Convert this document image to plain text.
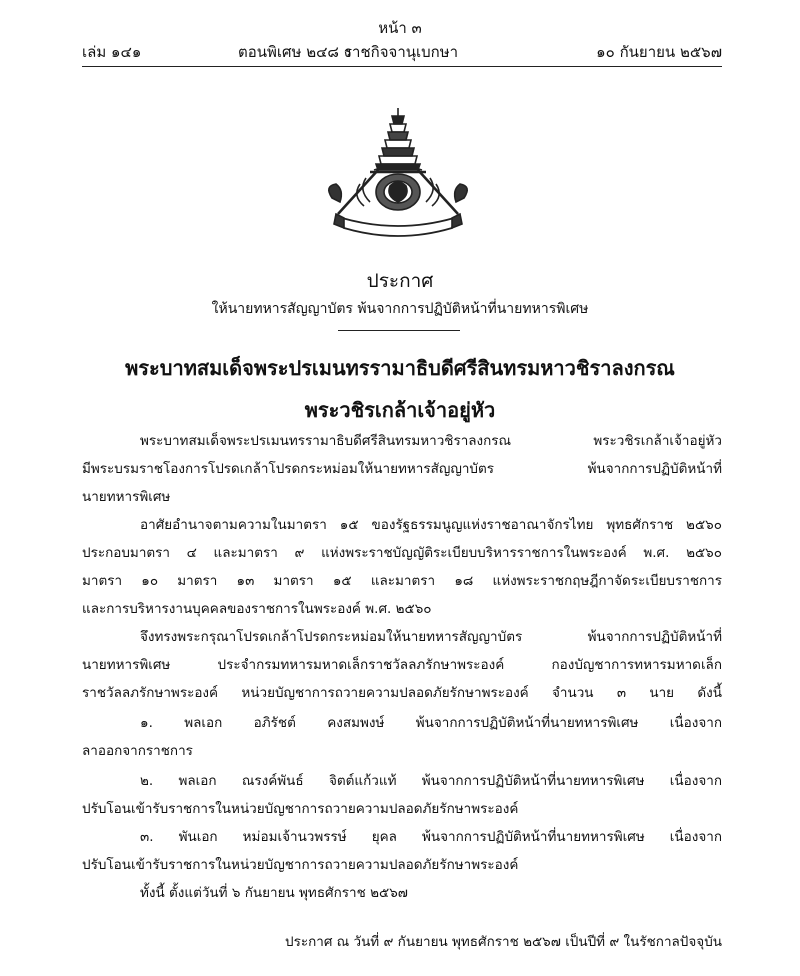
หน้า ๓
เล่ม ๑๔๑	ตอนพิเศษ ๒๔๘ ง
ราชกิจจานุเบกษา	๑๐ กันยายน ๒๕๖๗
ประกาศ
ให้นายทหารสัญญาบัตร พ้นจากการปฏิบัติหน้าที่นายทหารพิเศษ
พระบาทสมเด็จพระปรเมนทรรามาธิบดีศรีสินทรมหาวชิราลงกรณ
พระวชิรเกล้าเจ้าอยู่หัว
พระบาทสมเด็จพระปรเมนทรรามาธิบดีศรีสินทรมหาวชิราลงกรณ พระวชิรเกล้าเจ้าอยู่หัว
มีพระบรมราชโองการโปรดเกล้าโปรดกระหม่อมให้นายทหารสัญญาบัตร พ้นจากการปฏิบัติหน้าที่
นายทหารพิเศษ
อาศัยอำนาจตามความในมาตรา ๑๕ ของรัฐธรรมนูญแห่งราชอาณาจักรไทย พุทธศักราช ๒๕๖๐
ประกอบมาตรา ๔ และมาตรา ๙ แห่งพระราชบัญญัติระเบียบบริหารราชการในพระองค์ พ.ศ. ๒๕๖๐
มาตรา ๑๐ มาตรา ๑๓ มาตรา ๑๕ และมาตรา ๑๘ แห่งพระราชกฤษฎีกาจัดระเบียบราชการ
และการบริหารงานบุคคลของราชการในพระองค์ พ.ศ. ๒๕๖๐
จึงทรงพระกรุณาโปรดเกล้าโปรดกระหม่อมให้นายทหารสัญญาบัตร พ้นจากการปฏิบัติหน้าที่
นายทหารพิเศษ ประจำกรมทหารมหาดเล็กราชวัลลภรักษาพระองค์ กองบัญชาการทหารมหาดเล็ก
ราชวัลลภรักษาพระองค์ หน่วยบัญชาการถวายความปลอดภัยรักษาพระองค์ จำนวน ๓ นาย ดังนี้
๑. พลเอก อภิรัชต์ คงสมพงษ์ พ้นจากการปฏิบัติหน้าที่นายทหารพิเศษ เนื่องจาก
ลาออกจากราชการ
๒. พลเอก ณรงค์พันธ์ จิตต์แก้วแท้ พ้นจากการปฏิบัติหน้าที่นายทหารพิเศษ เนื่องจาก
ปรับโอนเข้ารับราชการในหน่วยบัญชาการถวายความปลอดภัยรักษาพระองค์
๓. พันเอก หม่อมเจ้านวพรรษ์ ยุคล พ้นจากการปฏิบัติหน้าที่นายทหารพิเศษ เนื่องจาก
ปรับโอนเข้ารับราชการในหน่วยบัญชาการถวายความปลอดภัยรักษาพระองค์
ทั้งนี้ ตั้งแต่วันที่ ๖ กันยายน พุทธศักราช ๒๕๖๗
ประกาศ ณ วันที่ ๙ กันยายน พุทธศักราช ๒๕๖๗ เป็นปีที่ ๙ ในรัชกาลปัจจุบัน
